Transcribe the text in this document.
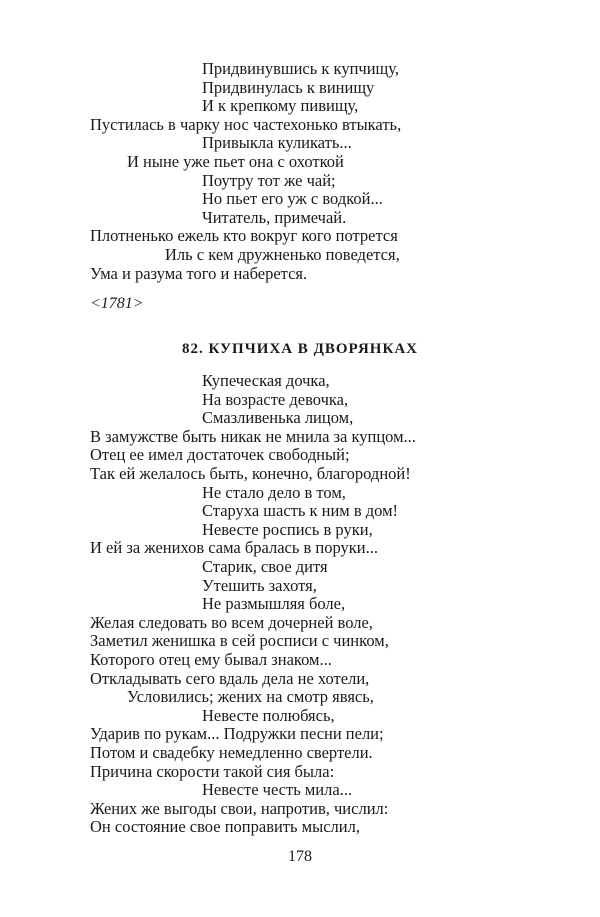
Придвинувшись к купчищу,
Придвинулась к винищу
И к крепкому пивищу,
Пустилась в чарку нос частехонько втыкать,
Привыкла куликать...
И ныне уже пьет она с охоткой
Поутру тот же чай;
Но пьет его уж с водкой...
Читатель, примечай.
Плотненько ежель кто вокруг кого потрется
Иль с кем дружненько поведется,
Ума и разума того и наберется.
<1781>
82. КУПЧИХА В ДВОРЯНКАХ
Купеческая дочка,
На возрасте девочка,
Смазливенька лицом,
В замужстве быть никак не мнила за купцом...
Отец ее имел достаточек свободный;
Так ей желалось быть, конечно, благородной!
Не стало дело в том,
Старуха шасть к ним в дом!
Невесте роспись в руки,
И ей за женихов сама бралась в поруки...
Старик, свое дитя
Утешить захотя,
Не размышляя боле,
Желая следовать во всем дочерней воле,
Заметил женишка в сей росписи с чинком,
Которого отец ему бывал знаком...
Откладывать сего вдаль дела не хотели,
Условились; жених на смотр явясь,
Невесте полюбясь,
Ударив по рукам... Подружки песни пели;
Потом и свадебку немедленно свертели.
Причина скорости такой сия была:
Невесте честь мила...
Жених же выгоды свои, напротив, числил:
Он состояние свое поправить мыслил,
178
